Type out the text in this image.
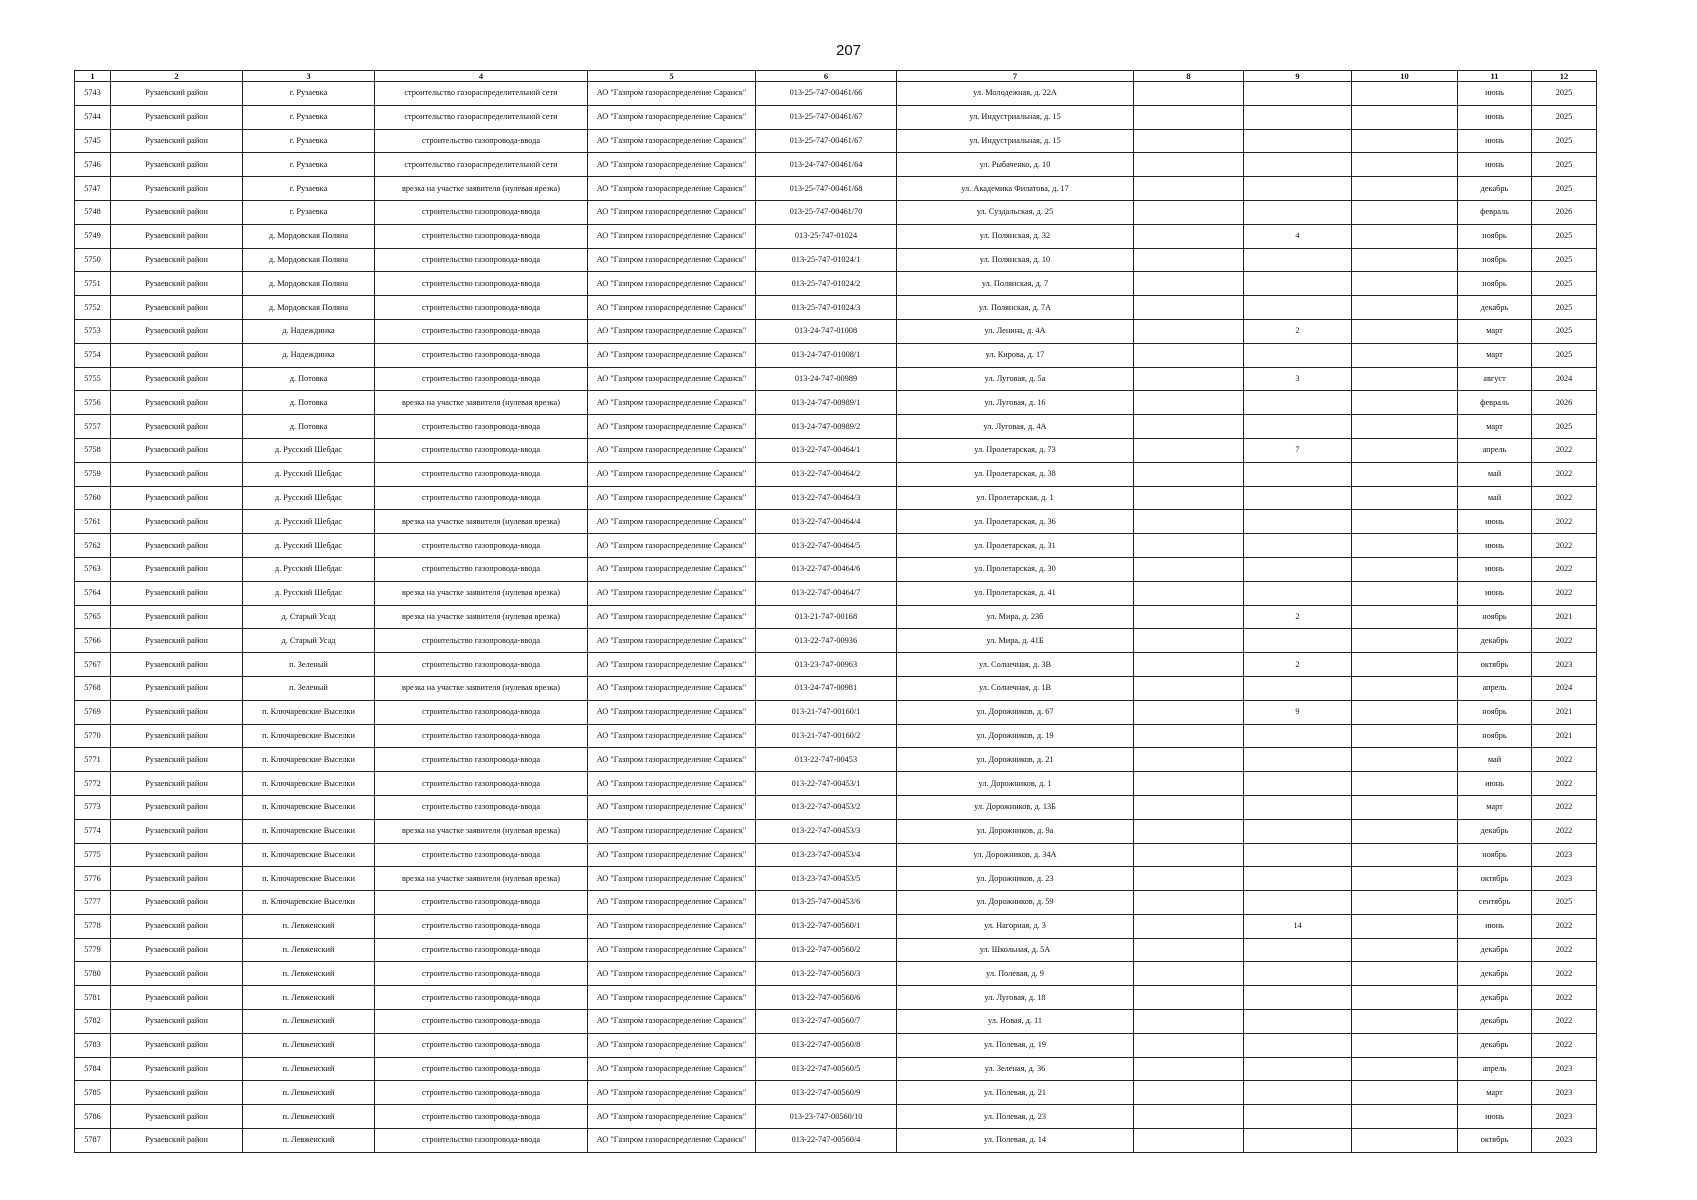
207
1	2	3	4	5	6	7	8	9	10	11	12
5743	Рузаевский район	г. Рузаевка	строительство газораспределительной сети	АО "Газпром газораспределение Саранск"	013-25-747-00461/66	ул. Молодежная, д. 22А				июнь	2025
5744	Рузаевский район	г. Рузаевка	строительство газораспределительной сети	АО "Газпром газораспределение Саранск"	013-25-747-00461/67	ул. Индустриальная, д. 15				июнь	2025
5745	Рузаевский район	г. Рузаевка	строительство газопровода-ввода	АО "Газпром газораспределение Саранск"	013-25-747-00461/67	ул. Индустриальная, д. 15				июнь	2025
5746	Рузаевский район	г. Рузаевка	строительство газораспределительной сети	АО "Газпром газораспределение Саранск"	013-24-747-00461/64	ул. Рыбаченко, д. 10				июнь	2025
5747	Рузаевский район	г. Рузаевка	врезка на участке заявителя (нулевая врезка)	АО "Газпром газораспределение Саранск"	013-25-747-00461/68	ул. Академика Филатова, д. 17				декабрь	2025
5748	Рузаевский район	г. Рузаевка	строительство газопровода-ввода	АО "Газпром газораспределение Саранск"	013-25-747-00461/70	ул. Суздальская, д. 25				февраль	2026
5749	Рузаевский район	д. Мордовская Поляна	строительство газопровода-ввода	АО "Газпром газораспределение Саранск"	013-25-747-01024	ул. Полянская, д. 32		4		ноябрь	2025
5750	Рузаевский район	д. Мордовская Поляна	строительство газопровода-ввода	АО "Газпром газораспределение Саранск"	013-25-747-01024/1	ул. Полянская, д. 10				ноябрь	2025
5751	Рузаевский район	д. Мордовская Поляна	строительство газопровода-ввода	АО "Газпром газораспределение Саранск"	013-25-747-01024/2	ул. Полянская, д. 7				ноябрь	2025
5752	Рузаевский район	д. Мордовская Поляна	строительство газопровода-ввода	АО "Газпром газораспределение Саранск"	013-25-747-01024/3	ул. Полянская, д. 7А				декабрь	2025
5753	Рузаевский район	д. Надеждинка	строительство газопровода-ввода	АО "Газпром газораспределение Саранск"	013-24-747-01008	ул. Ленина, д. 4А		2		март	2025
5754	Рузаевский район	д. Надеждинка	строительство газопровода-ввода	АО "Газпром газораспределение Саранск"	013-24-747-01008/1	ул. Кирова, д. 17				март	2025
5755	Рузаевский район	д. Потовка	строительство газопровода-ввода	АО "Газпром газораспределение Саранск"	013-24-747-00989	ул. Луговая, д. 5а		3		август	2024
5756	Рузаевский район	д. Потовка	врезка на участке заявителя (нулевая врезка)	АО "Газпром газораспределение Саранск"	013-24-747-00989/1	ул. Луговая, д. 16				февраль	2026
5757	Рузаевский район	д. Потовка	строительство газопровода-ввода	АО "Газпром газораспределение Саранск"	013-24-747-00989/2	ул. Луговая, д. 4А				март	2025
5758	Рузаевский район	д. Русский Шебдас	строительство газопровода-ввода	АО "Газпром газораспределение Саранск"	013-22-747-00464/1	ул. Пролетарская, д. 73		7		апрель	2022
5759	Рузаевский район	д. Русский Шебдас	строительство газопровода-ввода	АО "Газпром газораспределение Саранск"	013-22-747-00464/2	ул. Пролетарская, д. 38				май	2022
5760	Рузаевский район	д. Русский Шебдас	строительство газопровода-ввода	АО "Газпром газораспределение Саранск"	013-22-747-00464/3	ул. Пролетарская, д. 1				май	2022
5761	Рузаевский район	д. Русский Шебдас	врезка на участке заявителя (нулевая врезка)	АО "Газпром газораспределение Саранск"	013-22-747-00464/4	ул. Пролетарская, д. 36				июнь	2022
5762	Рузаевский район	д. Русский Шебдас	строительство газопровода-ввода	АО "Газпром газораспределение Саранск"	013-22-747-00464/5	ул. Пролетарская, д. 31				июнь	2022
5763	Рузаевский район	д. Русский Шебдас	строительство газопровода-ввода	АО "Газпром газораспределение Саранск"	013-22-747-00464/6	ул. Пролетарская, д. 30				июнь	2022
5764	Рузаевский район	д. Русский Шебдас	врезка на участке заявителя (нулевая врезка)	АО "Газпром газораспределение Саранск"	013-22-747-00464/7	ул. Пролетарская, д. 41				июнь	2022
5765	Рузаевский район	д. Старый Усад	врезка на участке заявителя (нулевая врезка)	АО "Газпром газораспределение Саранск"	013-21-747-00168	ул. Мира, д. 23б		2		ноябрь	2021
5766	Рузаевский район	д. Старый Усад	строительство газопровода-ввода	АО "Газпром газораспределение Саранск"	013-22-747-00936	ул. Мира, д. 41Б				декабрь	2022
5767	Рузаевский район	п. Зеленый	строительство газопровода-ввода	АО "Газпром газораспределение Саранск"	013-23-747-00963	ул. Солнечная, д. 3В		2		октябрь	2023
5768	Рузаевский район	п. Зеленый	врезка на участке заявителя (нулевая врезка)	АО "Газпром газораспределение Саранск"	013-24-747-00981	ул. Солнечная, д. 1В				апрель	2024
5769	Рузаевский район	п. Ключаревские Выселки	строительство газопровода-ввода	АО "Газпром газораспределение Саранск"	013-21-747-00160/1	ул. Дорожников, д. 67		9		ноябрь	2021
5770	Рузаевский район	п. Ключаревские Выселки	строительство газопровода-ввода	АО "Газпром газораспределение Саранск"	013-21-747-00160/2	ул. Дорожников, д. 19				ноябрь	2021
5771	Рузаевский район	п. Ключаревские Выселки	строительство газопровода-ввода	АО "Газпром газораспределение Саранск"	013-22-747-00453	ул. Дорожников, д. 21				май	2022
5772	Рузаевский район	п. Ключаревские Выселки	строительство газопровода-ввода	АО "Газпром газораспределение Саранск"	013-22-747-00453/1	ул. Дорожников, д. 1				июнь	2022
5773	Рузаевский район	п. Ключаревские Выселки	строительство газопровода-ввода	АО "Газпром газораспределение Саранск"	013-22-747-00453/2	ул. Дорожников, д. 13Б				март	2022
5774	Рузаевский район	п. Ключаревские Выселки	врезка на участке заявителя (нулевая врезка)	АО "Газпром газораспределение Саранск"	013-22-747-00453/3	ул. Дорожников, д. 9а				декабрь	2022
5775	Рузаевский район	п. Ключаревские Выселки	строительство газопровода-ввода	АО "Газпром газораспределение Саранск"	013-23-747-00453/4	ул. Дорожников, д. 34А				ноябрь	2023
5776	Рузаевский район	п. Ключаревские Выселки	врезка на участке заявителя (нулевая врезка)	АО "Газпром газораспределение Саранск"	013-23-747-00453/5	ул. Дорожников, д. 23				октябрь	2023
5777	Рузаевский район	п. Ключаревские Выселки	строительство газопровода-ввода	АО "Газпром газораспределение Саранск"	013-25-747-00453/6	ул. Дорожников, д. 59				сентябрь	2025
5778	Рузаевский район	п. Левженский	строительство газопровода-ввода	АО "Газпром газораспределение Саранск"	013-22-747-00560/1	ул. Нагорная, д. 3		14		июнь	2022
5779	Рузаевский район	п. Левженский	строительство газопровода-ввода	АО "Газпром газораспределение Саранск"	013-22-747-00560/2	ул. Школьная, д. 5А				декабрь	2022
5780	Рузаевский район	п. Левженский	строительство газопровода-ввода	АО "Газпром газораспределение Саранск"	013-22-747-00560/3	ул. Полевая, д. 9				декабрь	2022
5781	Рузаевский район	п. Левженский	строительство газопровода-ввода	АО "Газпром газораспределение Саранск"	013-22-747-00560/6	ул. Луговая, д. 18				декабрь	2022
5782	Рузаевский район	п. Левженский	строительство газопровода-ввода	АО "Газпром газораспределение Саранск"	013-22-747-00560/7	ул. Новая, д. 11				декабрь	2022
5783	Рузаевский район	п. Левженский	строительство газопровода-ввода	АО "Газпром газораспределение Саранск"	013-22-747-00560/8	ул. Полевая, д. 19				декабрь	2022
5784	Рузаевский район	п. Левженский	строительство газопровода-ввода	АО "Газпром газораспределение Саранск"	013-22-747-00560/5	ул. Зеленая, д. 36				апрель	2023
5785	Рузаевский район	п. Левженский	строительство газопровода-ввода	АО "Газпром газораспределение Саранск"	013-22-747-00560/9	ул. Полевая, д. 21				март	2023
5786	Рузаевский район	п. Левженский	строительство газопровода-ввода	АО "Газпром газораспределение Саранск"	013-23-747-00560/10	ул. Полевая, д. 23				июнь	2023
5787	Рузаевский район	п. Левженский	строительство газопровода-ввода	АО "Газпром газораспределение Саранск"	013-22-747-00560/4	ул. Полевая, д. 14				октябрь	2023
